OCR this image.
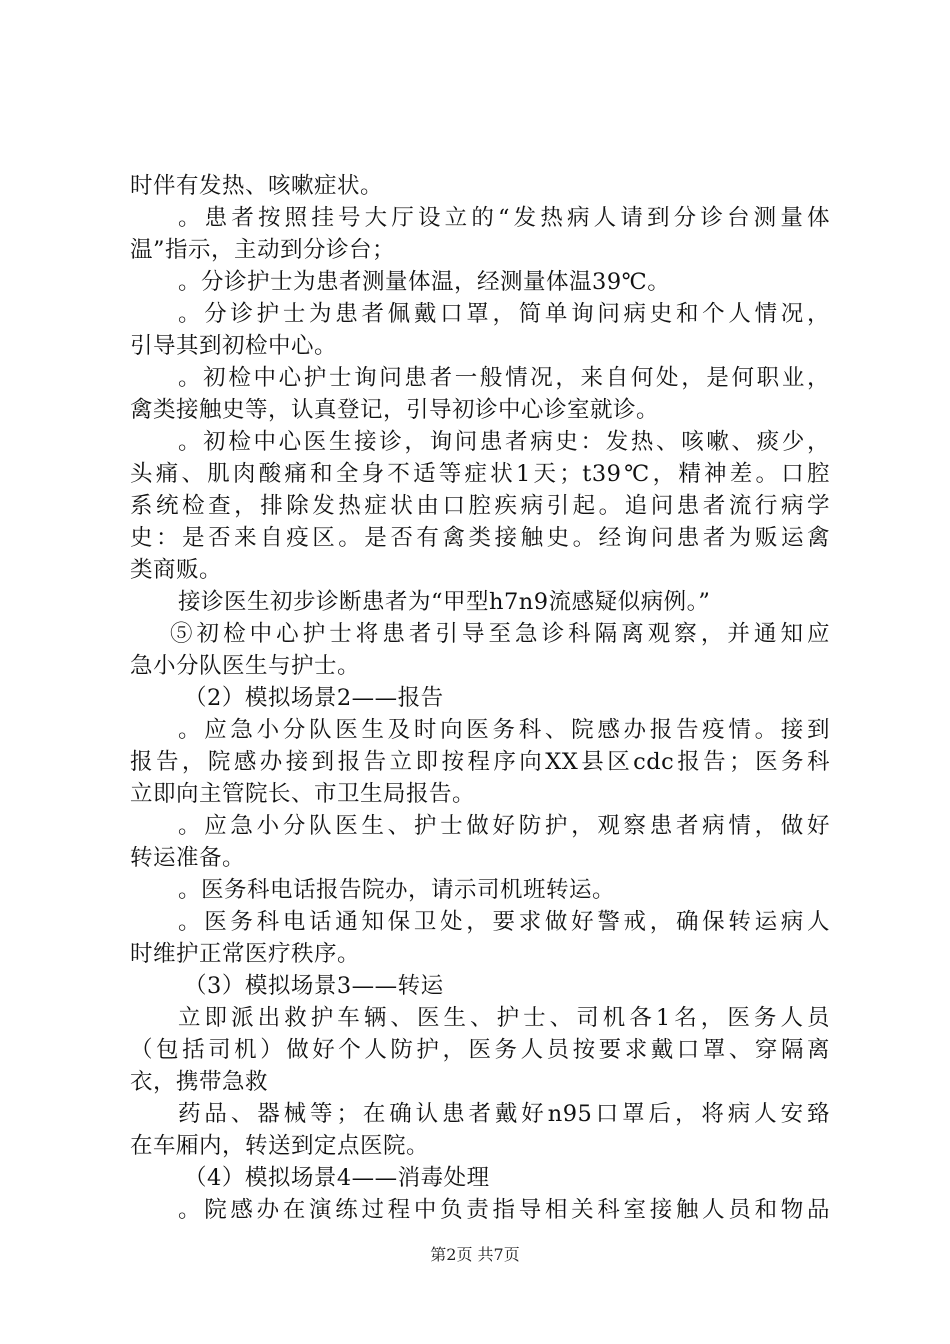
时伴有发热、咳嗽症状。
。患者按照挂号大厅设立的“发热病人请到分诊台测量体
温”指示，主动到分诊台；
。分诊护士为患者测量体温，经测量体温39℃。
。分诊护士为患者佩戴口罩，简单询问病史和个人情况，
引导其到初检中心。
。初检中心护士询问患者一般情况，来自何处，是何职业，
禽类接触史等，认真登记，引导初诊中心诊室就诊。
。初检中心医生接诊，询问患者病史：发热、咳嗽、痰少，
头痛、肌肉酸痛和全身不适等症状1天；t39℃，精神差。口腔
系统检查，排除发热症状由口腔疾病引起。追问患者流行病学
史：是否来自疫区。是否有禽类接触史。经询问患者为贩运禽
类商贩。
接诊医生初步诊断患者为“甲型h7n9流感疑似病例。”
⑤初检中心护士将患者引导至急诊科隔离观察，并通知应
急小分队医生与护士。
（2）模拟场景2——报告
。应急小分队医生及时向医务科、院感办报告疫情。接到
报告，院感办接到报告立即按程序向XX县区cdc报告；医务科
立即向主管院长、市卫生局报告。
。应急小分队医生、护士做好防护，观察患者病情，做好
转运准备。
。医务科电话报告院办，请示司机班转运。
。医务科电话通知保卫处，要求做好警戒，确保转运病人
时维护正常医疗秩序。
（3）模拟场景3——转运
立即派出救护车辆、医生、护士、司机各1名，医务人员
（包括司机）做好个人防护，医务人员按要求戴口罩、穿隔离
衣，携带急救
药品、器械等；在确认患者戴好n95口罩后，将病人安臵
在车厢内，转送到定点医院。
（4）模拟场景4——消毒处理
。院感办在演练过程中负责指导相关科室接触人员和物品
第2页 共7页
